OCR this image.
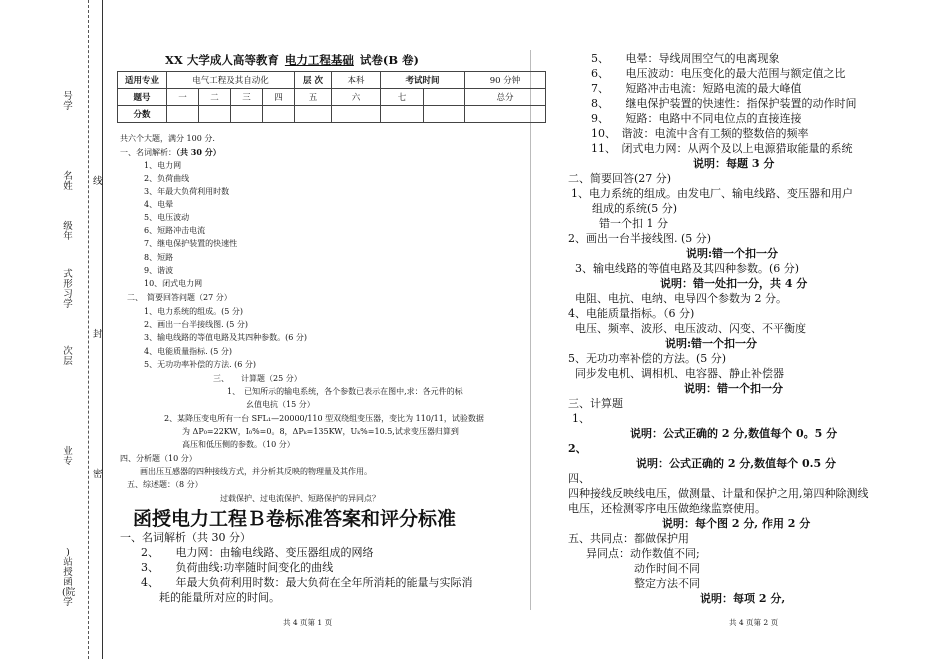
号学
名姓
级年
式形习学
次层
业专
)站授函(院学
线
封
密
XX 大学成人高等教育 电力工程基础 试卷(B 卷)
适用专业	电气工程及其自动化				层 次	本科	考试时间		90 分钟
题号	一	二	三	四	五	六	七		总分
分数									
共六个大题，满分 100 分.
一、名词解析：（共 30 分）
1、电力网
2、负荷曲线
3、年最大负荷利用时数
4、电晕
5、电压波动
6、短路冲击电流
7、继电保护装置的快速性
8、短路
9、谐波
10、闭式电力网
二、　简要回答问题（27 分）
1、电力系统的组成。(5 分)
2、画出一台半接线图. (5 分)
3、输电线路的等值电路及其四种参数。(6 分)
4、电能质量指标. (5 分)
5、无功功率补偿的方法. (6 分)
三、　　计算题（25 分）
1、　已知所示的输电系统，各个参数已表示在图中,求：各元件的标
幺值电抗（15 分）
2、某降压变电所有一台 SFL₁—20000/110 型双绕组变压器，变比为 110/11，试验数据
为 ΔP₀=22KW，I₀%=0。8，ΔPₖ=135KW，Uₖ%=10.5,试求变压器归算到
高压和低压侧的参数。（10 分）
四、分析题（10 分）
画出压互感器的四种接线方式，并分析其反映的物理量及其作用。
五、综述题：（8 分）
过载保护、过电流保护、短路保护的异同点？
函授电力工程Ｂ卷标准答案和评分标准
一、名词解析（共 30 分）
2、　　电力网：由输电线路、变压器组成的网络
3、　　负荷曲线:功率随时间变化的曲线
4、　　年最大负荷利用时数：最大负荷在全年所消耗的能量与实际消
耗的能量所对应的时间。
5、　　电晕：导线周围空气的电离现象
6、　　电压波动：电压变化的最大范围与额定值之比
7、　　短路冲击电流：短路电流的最大峰值
8、　　继电保护装置的快速性：指保护装置的动作时间
9、　　短路：电路中不同电位点的直接连接
10、　谐波：电流中含有工频的整数倍的频率
11、　闭式电力网：从两个及以上电源猎取能量的系统
说明：每题 3 分
二、简要回答(27 分)
1、电力系统的组成。由发电厂、输电线路、变压器和用户
组成的系统(5 分)
错一个扣 1 分
2、画出一台半接线图. (5 分)
说明:错一个扣一分
3、输电线路的等值电路及其四种参数。(6 分)
说明：错一处扣一分，共 4 分
电阻、电抗、电纳、电导四个参数为 2 分。
4、电能质量指标。（6 分)
电压、频率、波形、电压波动、闪变、不平衡度
说明:错一个扣一分
5、无功功率补偿的方法。(5 分)
同步发电机、调相机、电容器、静止补偿器
说明：错一个扣一分
三、计算题
1、
说明：公式正确的 2 分,数值每个 0。5 分
2、
说明：公式正确的 2 分,数值每个 0.5 分
四、
四种接线反映线电压，做测量、计量和保护之用,第四种除测线
电压，还检测零序电压做绝缘监察使用。
说明：每个图 2 分, 作用 2 分
五、共同点：都做保护用
异同点：动作数值不同;
动作时间不同
整定方法不同
说明：每项 2 分,
共 4 页第 1 页	共 4 页第 2 页
